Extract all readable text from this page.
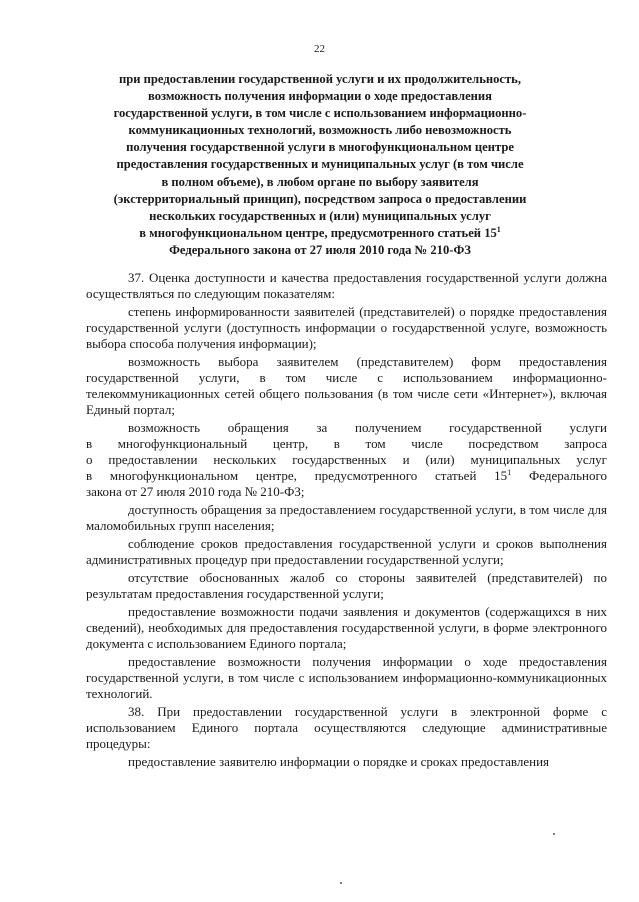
22
при предоставлении государственной услуги и их продолжительность,
возможность получения информации о ходе предоставления
государственной услуги, в том числе с использованием информационно-
коммуникационных технологий, возможность либо невозможность
получения государственной услуги в многофункциональном центре
предоставления государственных и муниципальных услуг (в том числе
в полном объеме), в любом органе по выбору заявителя
(экстерриториальный принцип), посредством запроса о предоставлении
нескольких государственных и (или) муниципальных услуг
в многофункциональном центре, предусмотренного статьей $15^1$
Федерального закона от 27 июля 2010 года № 210-ФЗ

37. Оценка доступности и качества предоставления государственной услуги должна осуществляться по следующим показателям:

степень информированности заявителей (представителей) о порядке предоставления государственной услуги (доступность информации о государственной услуге, возможность выбора способа получения информации);

возможность выбора заявителем (представителем) форм предоставления государственной услуги, в том числе с использованием информационно-телекоммуникационных сетей общего пользования (в том числе сети «Интернет»), включая Единый портал;

возможность обращения за получением государственной услуги
в многофункциональный центр, в том числе посредством запроса
о предоставлении нескольких государственных и (или) муниципальных услуг
в многофункциональном центре, предусмотренного статьей $15^1$ Федерального
закона от 27 июля 2010 года № 210-ФЗ;

доступность обращения за предоставлением государственной услуги, в том числе для маломобильных групп населения;

соблюдение сроков предоставления государственной услуги и сроков выполнения административных процедур при предоставлении государственной услуги;

отсутствие обоснованных жалоб со стороны заявителей (представителей) по результатам предоставления государственной услуги;

предоставление возможности подачи заявления и документов (содержащихся в них сведений), необходимых для предоставления государственной услуги, в форме электронного документа с использованием Единого портала;

предоставление возможности получения информации о ходе предоставления государственной услуги, в том числе с использованием информационно-коммуникационных технологий.

38. При предоставлении государственной услуги в электронной форме с использованием Единого портала осуществляются следующие административные процедуры:

предоставление заявителю информации о порядке и сроках предоставления
